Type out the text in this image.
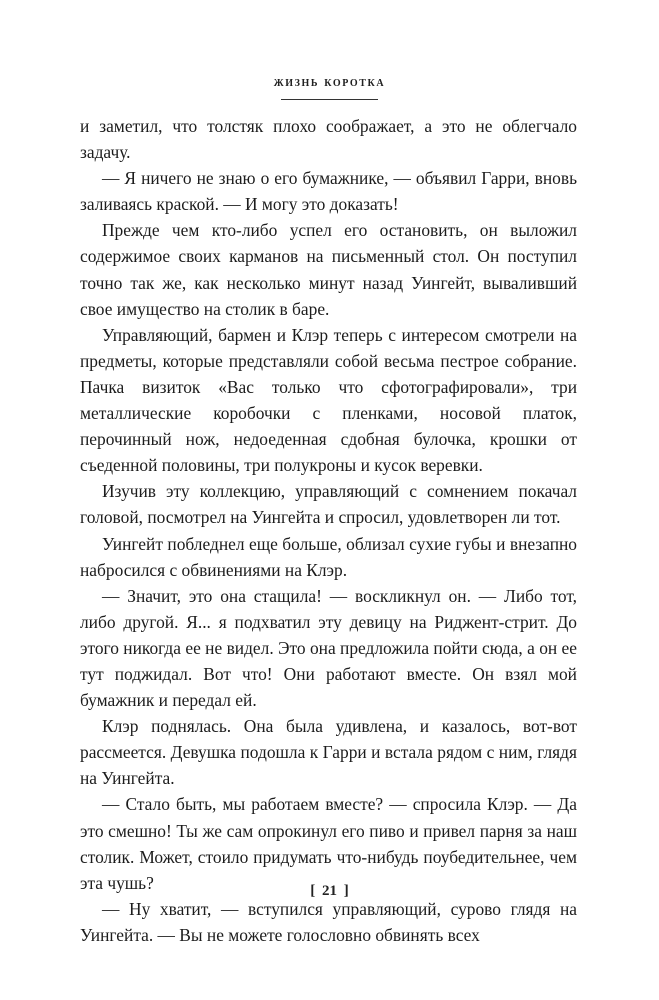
жизнь коротка

и заметил, что толстяк плохо соображает, а это не облегчало задачу.

— Я ничего не знаю о его бумажнике, — объявил Гарри, вновь заливаясь краской. — И могу это доказать!

Прежде чем кто-либо успел его остановить, он выложил содержимое своих карманов на письменный стол. Он поступил точно так же, как несколько минут назад Уингейт, вываливший свое имущество на столик в баре.

Управляющий, бармен и Клэр теперь с интересом смотрели на предметы, которые представляли собой весьма пестрое собрание. Пачка визиток «Вас только что сфотографировали», три металлические коробочки с пленками, носовой платок, перочинный нож, недоеденная сдобная булочка, крошки от съеденной половины, три полукроны и кусок веревки.

Изучив эту коллекцию, управляющий с сомнением покачал головой, посмотрел на Уингейта и спросил, удовлетворен ли тот.

Уингейт побледнел еще больше, облизал сухие губы и внезапно набросился с обвинениями на Клэр.

— Значит, это она стащила! — воскликнул он. — Либо тот, либо другой. Я... я подхватил эту девицу на Риджент-стрит. До этого никогда ее не видел. Это она предложила пойти сюда, а он ее тут поджидал. Вот что! Они работают вместе. Он взял мой бумажник и передал ей.

Клэр поднялась. Она была удивлена, и казалось, вот-вот рассмеется. Девушка подошла к Гарри и встала рядом с ним, глядя на Уингейта.

— Стало быть, мы работаем вместе? — спросила Клэр. — Да это смешно! Ты же сам опрокинул его пиво и привел парня за наш столик. Может, стоило придумать что-нибудь поубедительнее, чем эта чушь?

— Ну хватит, — вступился управляющий, сурово глядя на Уингейта. — Вы не можете голословно обвинять всех

[ 21 ]
